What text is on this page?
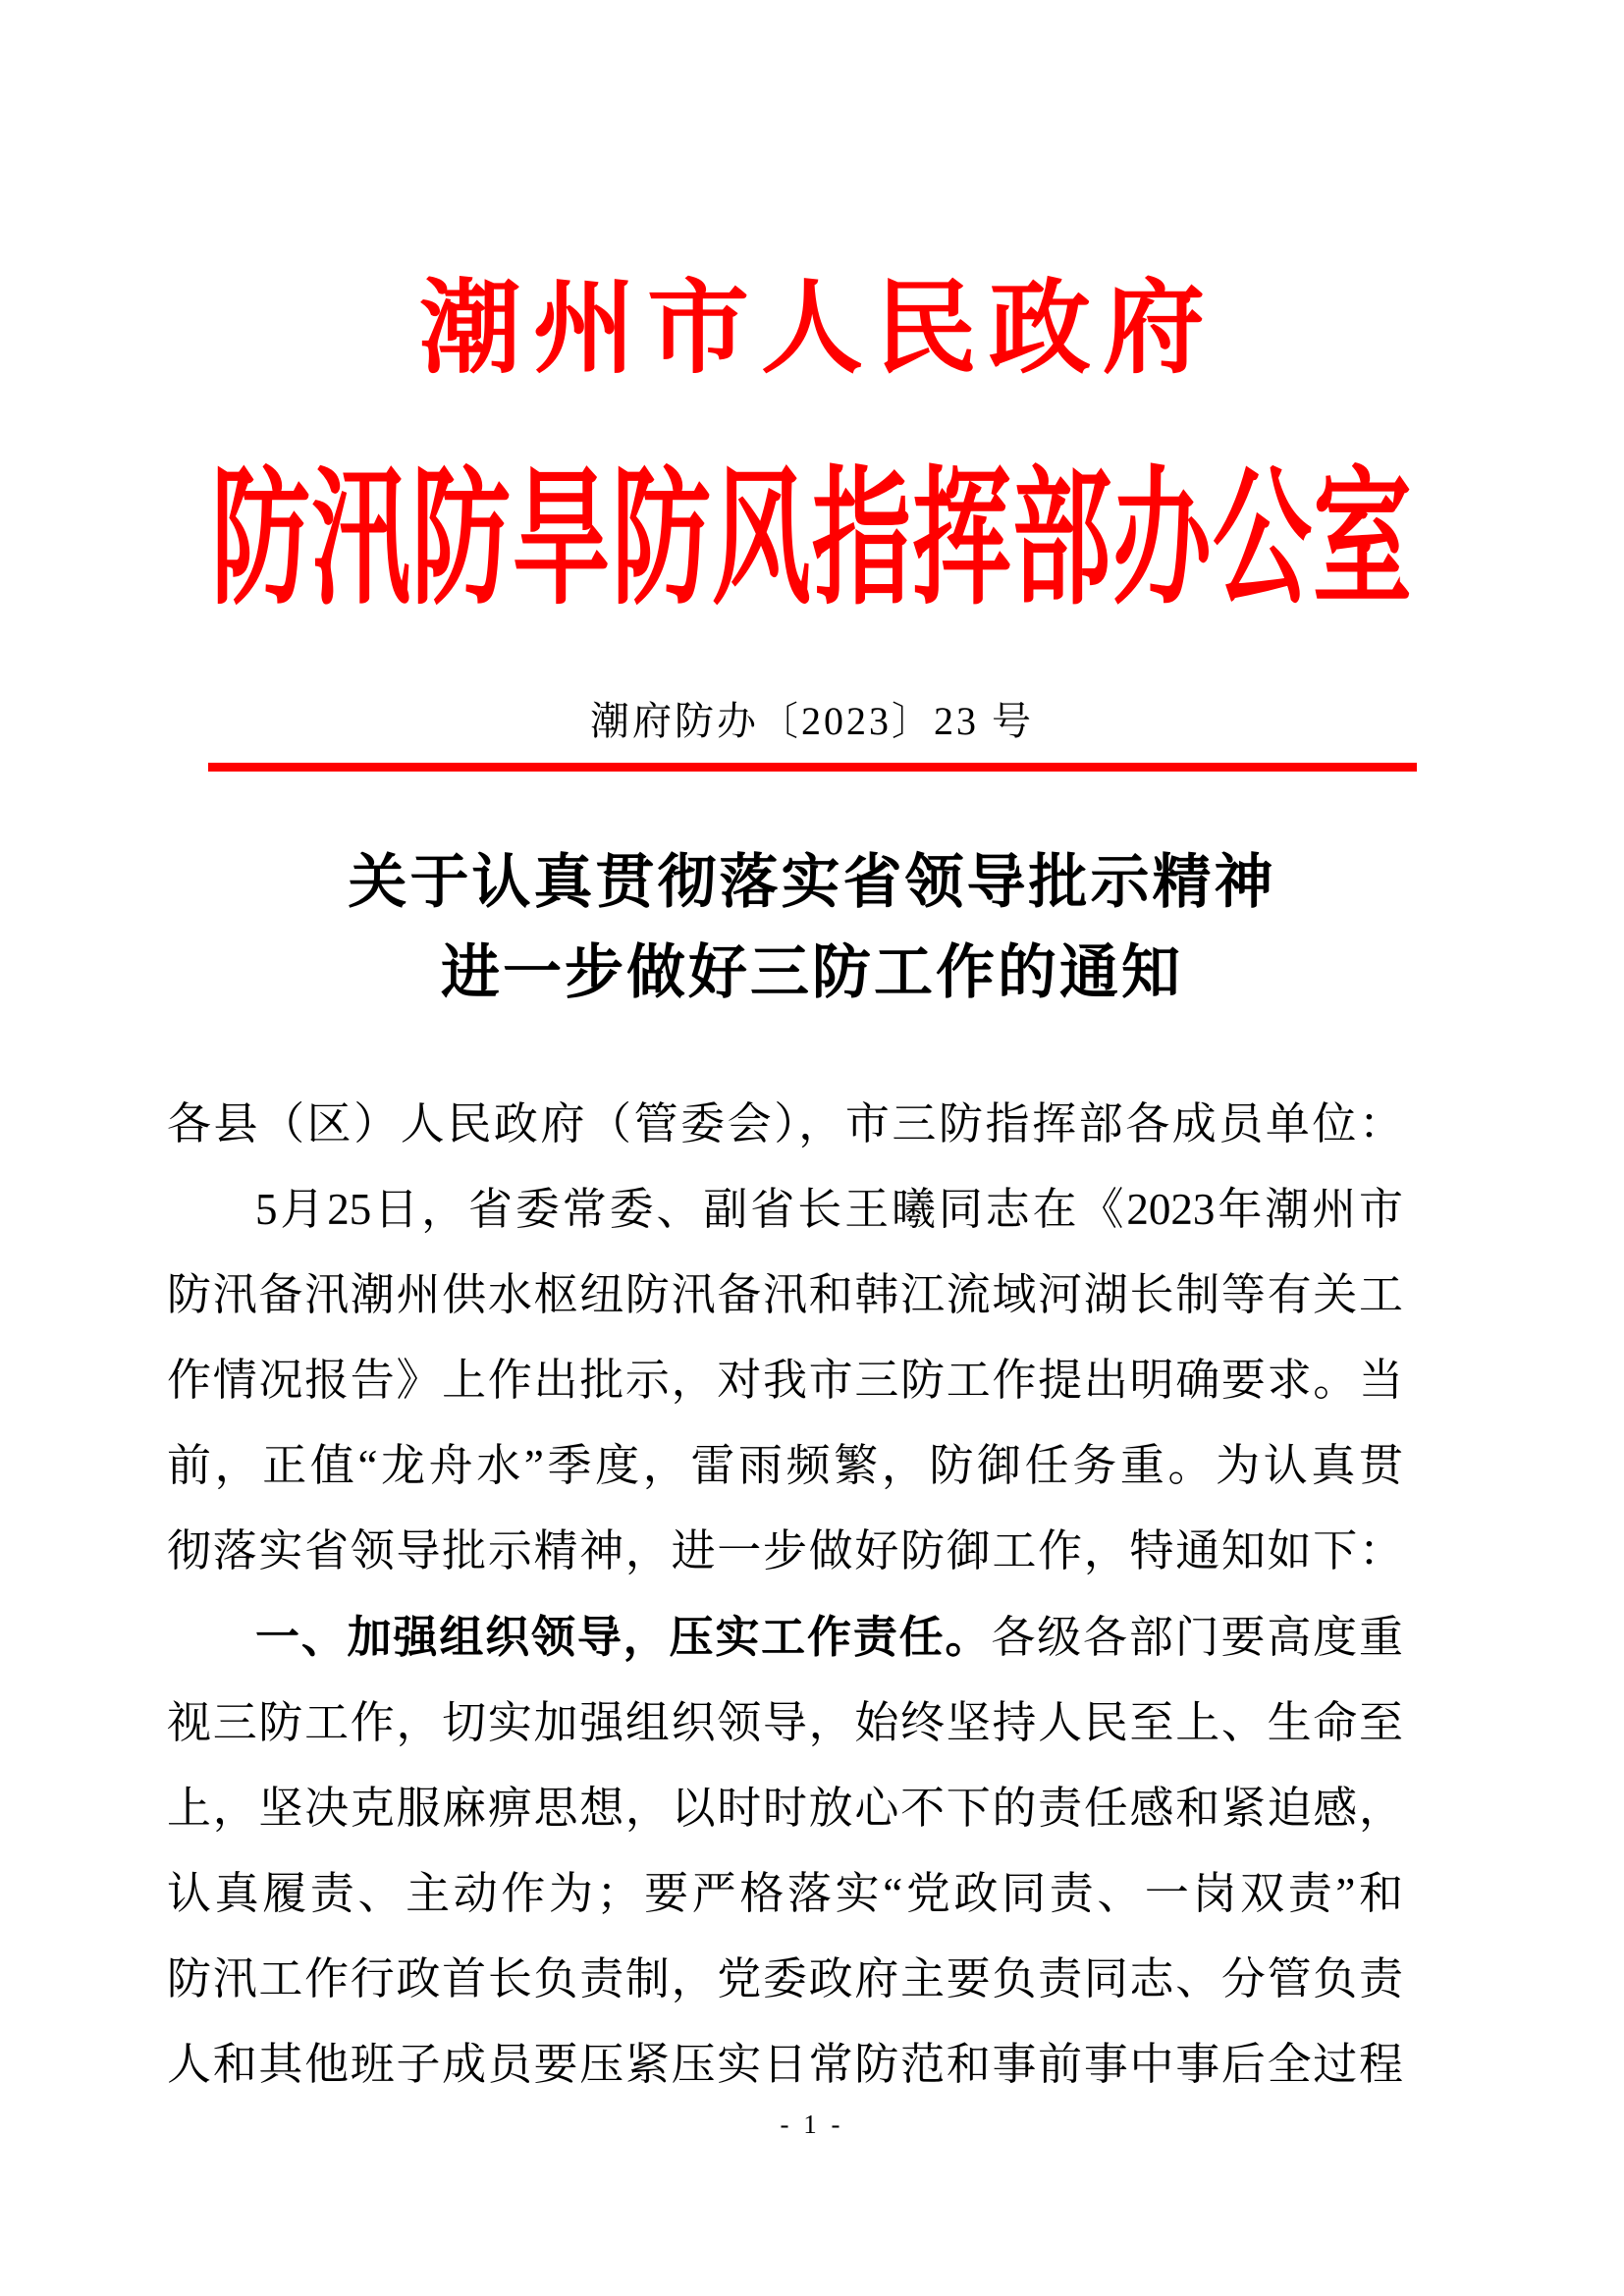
潮州市人民政府
防汛防旱防风指挥部办公室
潮府防办〔2023〕23 号
关于认真贯彻落实省领导批示精神
进一步做好三防工作的通知
各县（区）人民政府（管委会），市三防指挥部各成员单位：
5月25日，省委常委、副省长王曦同志在《2023年潮州市
防汛备汛潮州供水枢纽防汛备汛和韩江流域河湖长制等有关工
作情况报告》上作出批示，对我市三防工作提出明确要求。当
前，正值“龙舟水”季度，雷雨频繁，防御任务重。为认真贯
彻落实省领导批示精神，进一步做好防御工作，特通知如下：
一、加强组织领导，压实工作责任。各级各部门要高度重
视三防工作，切实加强组织领导，始终坚持人民至上、生命至
上，坚决克服麻痹思想，以时时放心不下的责任感和紧迫感，
认真履责、主动作为；要严格落实“党政同责、一岗双责”和
防汛工作行政首长负责制，党委政府主要负责同志、分管负责
人和其他班子成员要压紧压实日常防范和事前事中事后全过程
- 1 -
